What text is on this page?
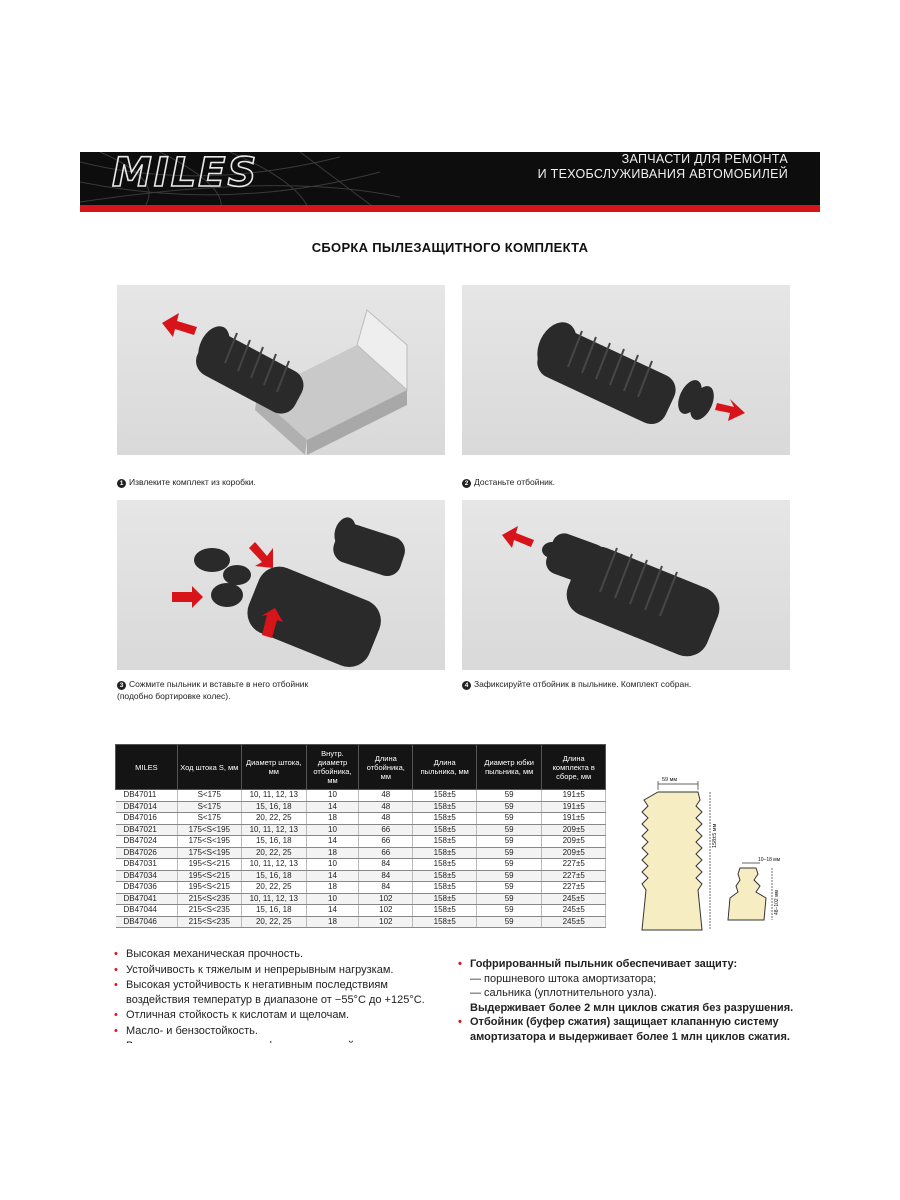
MILES	ЗАПЧАСТИ ДЛЯ РЕМОНТА
И ТЕХОБСЛУЖИВАНИЯ АВТОМОБИЛЕЙ
СБОРКА ПЫЛЕЗАЩИТНОГО КОМПЛЕКТА
1 Извлеките комплект из коробки.	2 Достаньте отбойник.
3 Сожмите пыльник и вставьте в него отбойник
(подобно бортировке колес).
4 Зафиксируйте отбойник в пыльнике. Комплект собран.
MILES	Ход штока S, мм	Диаметр штока, мм	Внутр. диаметр отбойника, мм	Длина отбойника, мм	Длина пыльника, мм	Диаметр юбки пыльника, мм	Длина комплекта в сборе, мм
DB47011	S<175	10, 11, 12, 13	10	48	158±5	59	191±5
DB47014	S<175	15, 16, 18	14	48	158±5	59	191±5
DB47016	S<175	20, 22, 25	18	48	158±5	59	191±5
DB47021	175<S<195	10, 11, 12, 13	10	66	158±5	59	209±5
DB47024	175<S<195	15, 16, 18	14	66	158±5	59	209±5
DB47026	175<S<195	20, 22, 25	18	66	158±5	59	209±5
DB47031	195<S<215	10, 11, 12, 13	10	84	158±5	59	227±5
DB47034	195<S<215	15, 16, 18	14	84	158±5	59	227±5
DB47036	195<S<215	20, 22, 25	18	84	158±5	59	227±5
DB47041	215<S<235	10, 11, 12, 13	10	102	158±5	59	245±5
DB47044	215<S<235	15, 16, 18	14	102	158±5	59	245±5
DB47046	215<S<235	20, 22, 25	18	102	158±5	59	245±5
59 мм
158±5 мм
10–18 мм
48–102 мм
• Высокая механическая прочность.
• Устойчивость к тяжелым и непрерывным нагрузкам.
• Высокая устойчивость к негативным последствиям воздействия температур в диапазоне от −55°C до +125°C.
• Отличная стойкость к кислотам и щелочам.
• Масло- и бензостойкость.
•
• Гофрированный пыльник обеспечивает защиту:
— поршневого штока амортизатора;
— сальника (уплотнительного узла).
Выдерживает более 2 млн циклов сжатия без разрушения.
• Отбойник (буфер сжатия) защищает клапанную систему
амортизатора и выдерживает более 1 млн циклов сжатия.
